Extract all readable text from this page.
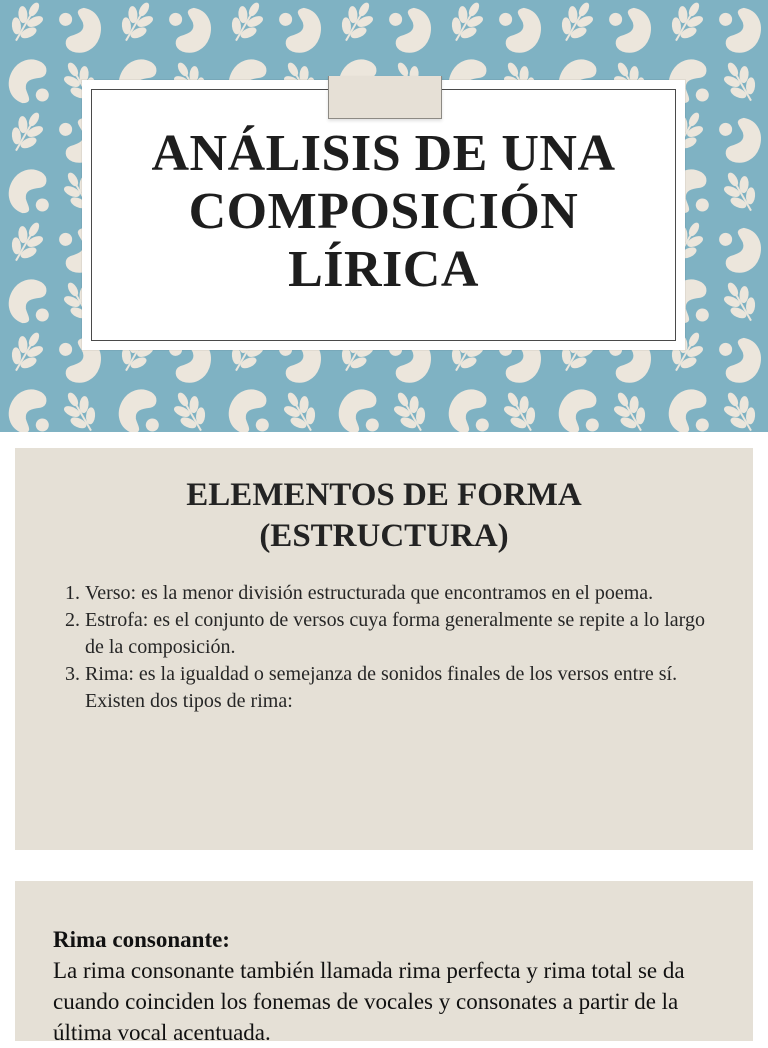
ANÁLISIS DE UNA
COMPOSICIÓN
LÍRICA
ELEMENTOS DE FORMA
(ESTRUCTURA)
1. Verso: es la menor división estructurada que encontramos en el poema.
2. Estrofa: es el conjunto de versos cuya forma generalmente se repite a lo largo de la composición.
3. Rima: es la igualdad o semejanza de sonidos finales de los versos entre sí. Existen dos tipos de rima:
Rima consonante:
La rima consonante también llamada rima perfecta y rima total se da cuando coinciden los fonemas de vocales y consonates a partir de la última vocal acentuada.
